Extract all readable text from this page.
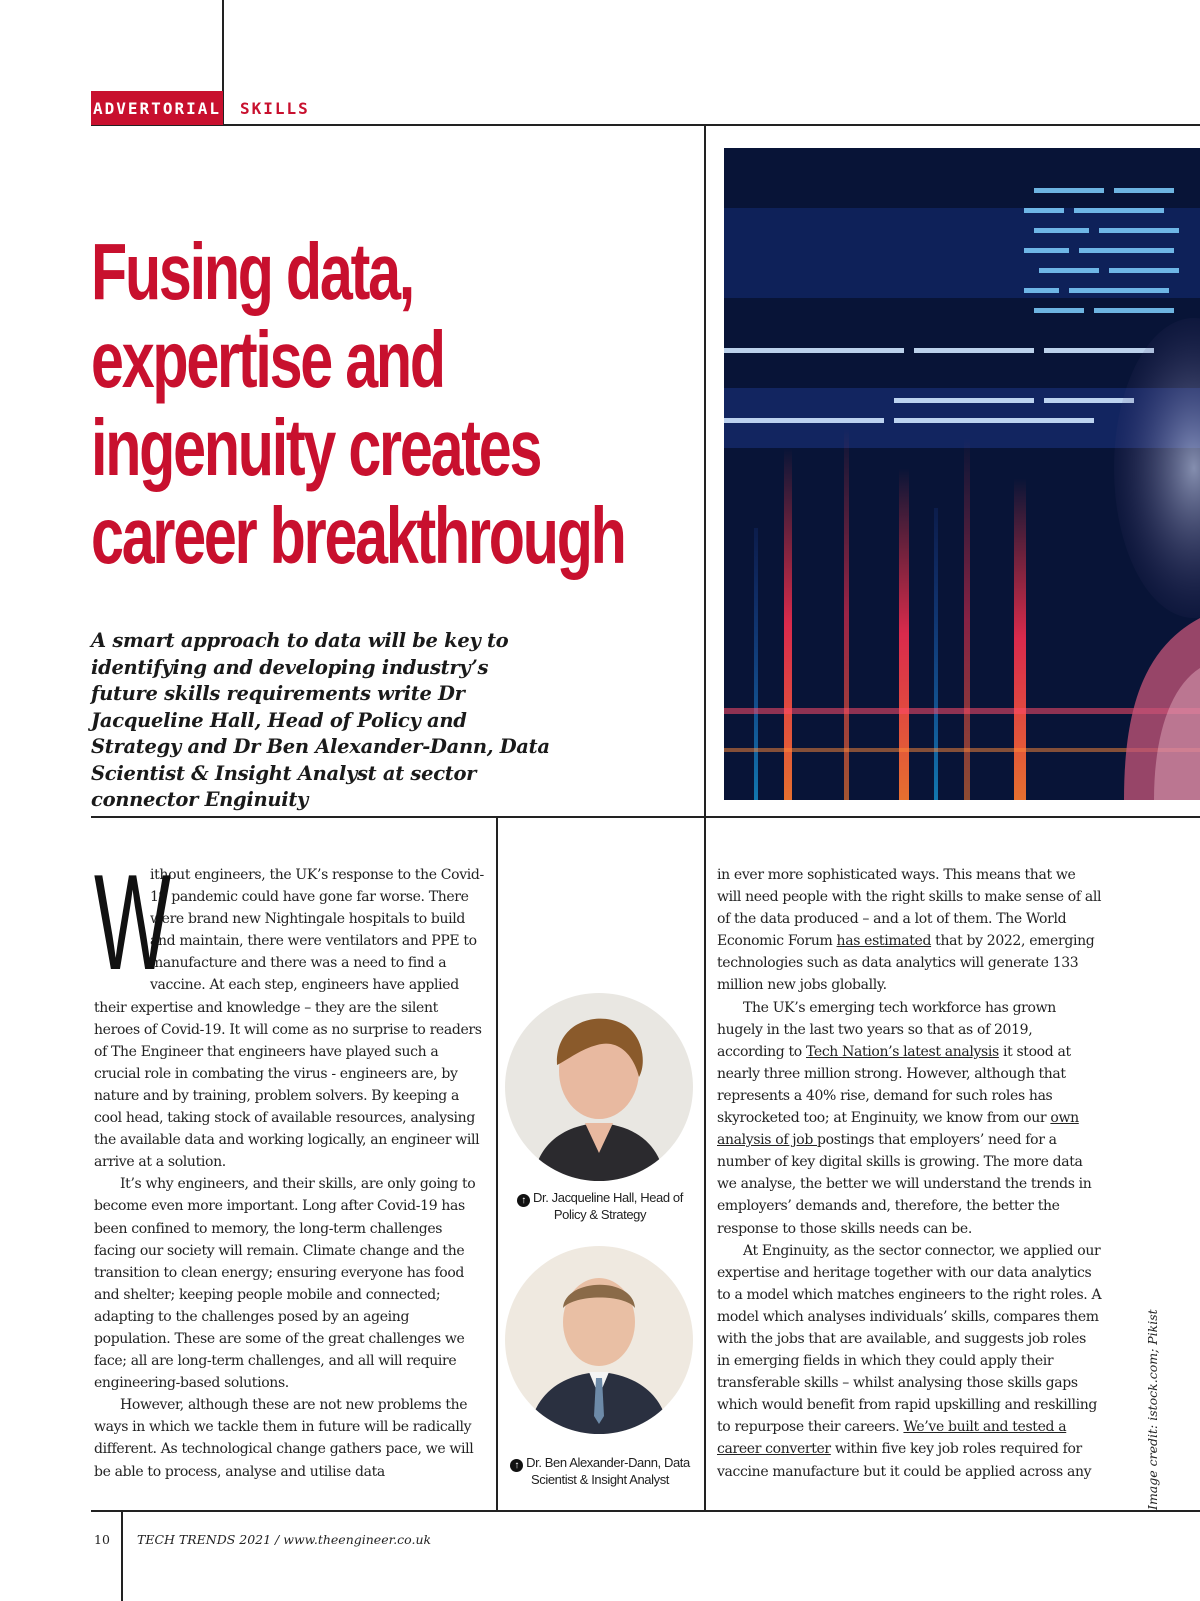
ADVERTORIAL SKILLS
Fusing data,
expertise and
ingenuity creates
career breakthrough
A smart approach to data will be key to identifying and developing industry’s future skills requirements write Dr Jacqueline Hall, Head of Policy and Strategy and Dr Ben Alexander-Dann, Data Scientist & Insight Analyst at sector connector Enginuity

W
ithout engineers, the UK’s response to the Covid-19 pandemic could have gone far worse. There were brand new Nightingale hospitals to build and maintain, there were ventilators and PPE to manufacture and there was a need to find a vaccine. At each step, engineers have applied their expertise and knowledge – they are the silent heroes of Covid-19. It will come as no surprise to readers of The Engineer that engineers have played such a crucial role in combating the virus - engineers are, by nature and by training, problem solvers. By keeping a cool head, taking stock of available resources, analysing the available data and working logically, an engineer will arrive at a solution.

It’s why engineers, and their skills, are only going to become even more important. Long after Covid-19 has been confined to memory, the long-term challenges facing our society will remain. Climate change and the transition to clean energy; ensuring everyone has food and shelter; keeping people mobile and connected; adapting to the challenges posed by an ageing population. These are some of the great challenges we face; all are long-term challenges, and all will require engineering-based solutions.

However, although these are not new problems the ways in which we tackle them in future will be radically different. As technological change gathers pace, we will be able to process, analyse and utilise data

↑ Dr. Jacqueline Hall, Head of Policy & Strategy
↑ Dr. Ben Alexander-Dann, Data Scientist & Insight Analyst

in ever more sophisticated ways. This means that we will need people with the right skills to make sense of all of the data produced – and a lot of them. The World Economic Forum has estimated that by 2022, emerging technologies such as data analytics will generate 133 million new jobs globally.

The UK’s emerging tech workforce has grown hugely in the last two years so that as of 2019, according to Tech Nation’s latest analysis it stood at nearly three million strong. However, although that represents a 40% rise, demand for such roles has skyrocketed too; at Enginuity, we know from our own analysis of job postings that employers’ need for a number of key digital skills is growing. The more data we analyse, the better we will understand the trends in employers’ demands and, therefore, the better the response to those skills needs can be.

At Enginuity, as the sector connector, we applied our expertise and heritage together with our data analytics to a model which matches engineers to the right roles. A model which analyses individuals’ skills, compares them with the jobs that are available, and suggests job roles in emerging fields in which they could apply their transferable skills – whilst analysing those skills gaps which would benefit from rapid upskilling and reskilling to repurpose their careers. We’ve built and tested a career converter within five key job roles required for vaccine manufacture but it could be applied across any	Image credit: istock.com; Pikist
10 TECH TRENDS 2021 / www.theengineer.co.uk
